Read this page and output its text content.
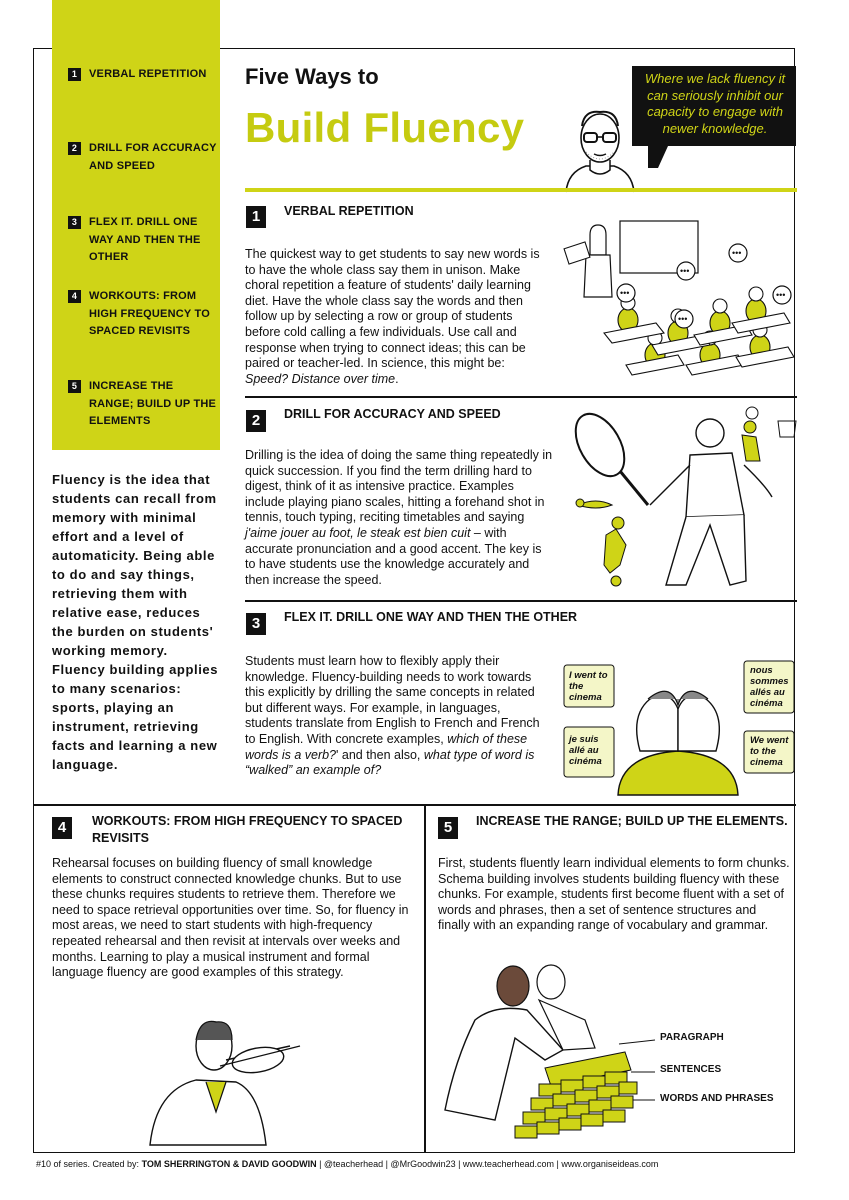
1	VERBAL REPETITION
2	DRILL FOR ACCURACY AND SPEED
3	FLEX IT. DRILL ONE WAY AND THEN THE OTHER
4	WORKOUTS: FROM HIGH FREQUENCY TO SPACED REVISITS
5	INCREASE THE RANGE; BUILD UP THE ELEMENTS
Fluency is the idea that students can recall from memory with minimal effort and a level of automaticity. Being able to do and say things, retrieving them with relative ease, reduces the burden on students' working memory. Fluency building applies to many scenarios: sports, playing an instrument, retrieving facts and learning a new language.
Five Ways to
Build Fluency
Where we lack fluency it can seriously inhibit our capacity to engage with newer knowledge.
1	VERBAL REPETITION
The quickest way to get students to say new words is to have the whole class say them in unison. Make choral repetition a feature of students' daily learning diet. Have the whole class say the words and then follow up by selecting a row or group of students before cold calling a few individuals. Use call and response when trying to connect ideas; this can be paired or teacher-led. In science, this might be: Speed? Distance over time.
•••
•••
•••
•••
•••
2	DRILL FOR ACCURACY AND SPEED
Drilling is the idea of doing the same thing repeatedly in quick succession. If you find the term drilling hard to digest, think of it as intensive practice. Examples include playing piano scales, hitting a forehand shot in tennis, touch typing, reciting timetables and saying j'aime jouer au foot, le steak est bien cuit – with accurate pronunciation and a good accent. The key is to have students use the knowledge accurately and then increase the speed.
3	FLEX IT. DRILL ONE WAY AND THEN THE OTHER
Students must learn how to flexibly apply their knowledge. Fluency-building needs to work towards this explicitly by drilling the same concepts in related but different ways. For example, in languages, students translate from English to French and French to English. With concrete examples, which of these words is a verb?' and then also, what type of word is “walked” an example of?
I went to the cinema
je suis allé au cinéma
nous sommes allés au cinéma
We went to the cinema
4	WORKOUTS: FROM HIGH FREQUENCY TO SPACED REVISITS
Rehearsal focuses on building fluency of small knowledge elements to construct connected knowledge chunks. But to use these chunks requires students to retrieve them. Therefore we need to space retrieval opportunities over time. So, for fluency in most areas, we need to start students with high-frequency repeated rehearsal and then revisit at intervals over weeks and months. Learning to play a musical instrument and formal language fluency are good examples of this strategy.
5	INCREASE THE RANGE; BUILD UP THE ELEMENTS.
First, students fluently learn individual elements to form chunks. Schema building involves students building fluency with these chunks. For example, students first become fluent with a set of words and phrases, then a set of sentence structures and finally with an expanding range of vocabulary and grammar.
PARAGRAPH
SENTENCES
WORDS AND PHRASES
#10 of series. Created by: TOM SHERRINGTON & DAVID GOODWIN | @teacherhead | @MrGoodwin23 | www.teacherhead.com | www.organiseideas.com
